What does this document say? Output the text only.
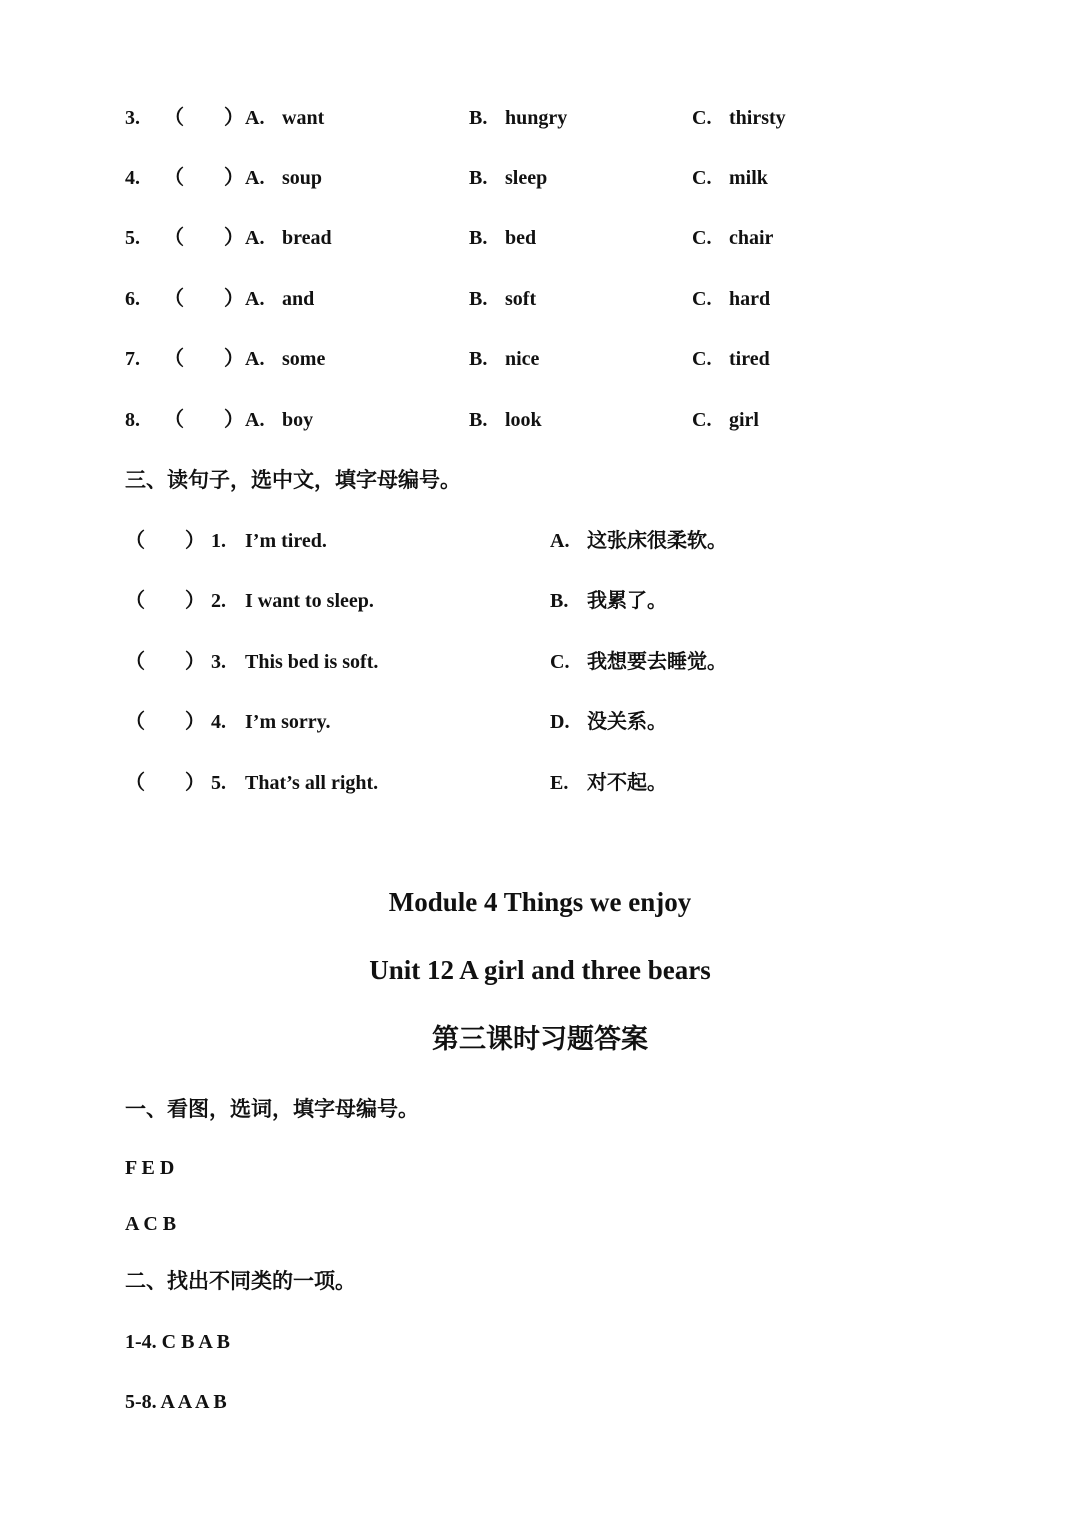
3. （　　） A. want	B. hungry	C. thirsty
4. （　　） A. soup	B. sleep	C. milk
5. （　　） A. bread	B. bed	C. chair
6. （　　） A. and	B. soft	C. hard
7. （　　） A. some	B. nice	C. tired
8. （　　） A. boy	B. look	C. girl
三、读句子，选中文，填字母编号。
（　　） 1. I’m tired.	A. 这张床很柔软。
（　　） 2. I want to sleep.	B. 我累了。
（　　） 3. This bed is soft.	C. 我想要去睡觉。
（　　） 4. I’m sorry.	D. 没关系。
（　　） 5. That’s all right.	E. 对不起。
Module 4 Things we enjoy
Unit 12 A girl and three bears
第三课时习题答案
一、看图，选词，填字母编号。
F E D
A C B
二、找出不同类的一项。
1-4. C B A B
5-8. A A A B
